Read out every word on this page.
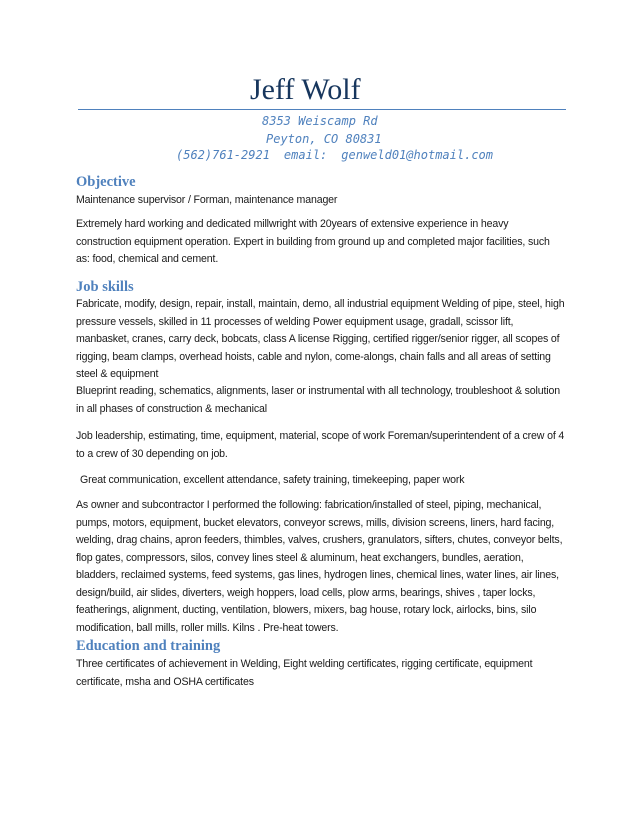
Jeff Wolf
8353 Weiscamp Rd
Peyton, CO 80831
(562)761-2921 email: genweld01@hotmail.com
Objective

Maintenance supervisor / Forman, maintenance manager

Extremely hard working and dedicated millwright with 20years of extensive experience in heavy construction equipment operation. Expert in building from ground up and completed major facilities, such as: food, chemical and cement.

Job skills

Fabricate, modify, design, repair, install, maintain, demo, all industrial equipment Welding of pipe, steel, high pressure vessels, skilled in 11 processes of welding Power equipment usage, gradall, scissor lift, manbasket, cranes, carry deck, bobcats, class A license Rigging, certified rigger/senior rigger, all scopes of rigging, beam clamps, overhead hoists, cable and nylon, come-alongs, chain falls and all areas of setting steel & equipment

Blueprint reading, schematics, alignments, laser or instrumental with all technology, troubleshoot & solution in all phases of construction & mechanical

Job leadership, estimating, time, equipment, material, scope of work Foreman/superintendent of a crew of 4 to a crew of 30 depending on job.

Great communication, excellent attendance, safety training, timekeeping, paper work

As owner and subcontractor I performed the following: fabrication/installed of steel, piping, mechanical, pumps, motors, equipment, bucket elevators, conveyor screws, mills, division screens, liners, hard facing, welding, drag chains, apron feeders, thimbles, valves, crushers, granulators, sifters, chutes, conveyor belts, flop gates, compressors, silos, convey lines steel & aluminum, heat exchangers, bundles, aeration, bladders, reclaimed systems, feed systems, gas lines, hydrogen lines, chemical lines, water lines, air lines, design/build, air slides, diverters, weigh hoppers, load cells, plow arms, bearings, shives , taper locks, featherings, alignment, ducting, ventilation, blowers, mixers, bag house, rotary lock, airlocks, bins, silo modification, ball mills, roller mills. Kilns . Pre-heat towers.

Education and training

Three certificates of achievement in Welding, Eight welding certificates, rigging certificate, equipment certificate, msha and OSHA certificates
